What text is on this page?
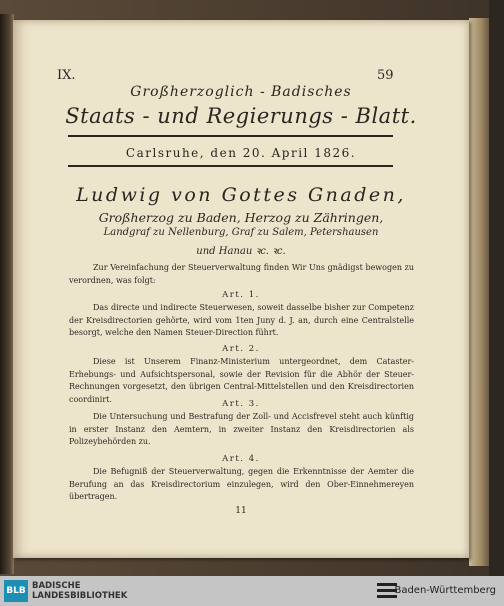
IX.	59
Großherzoglich - Badisches
Staats - und Regierungs - Blatt.
Carlsruhe, den 20. April 1826.
Ludwig von Gottes Gnaden,
Großherzog zu Baden, Herzog zu Zähringen,
Landgraf zu Nellenburg, Graf zu Salem, Petershausen
und Hanau ꝛc. ꝛc.
Zur Vereinfachung der Steuerverwaltung finden Wir Uns gnädigst bewogen zu verordnen, was folgt:
Art. 1.
Das directe und indirecte Steuerwesen, soweit dasselbe bisher zur Competenz der Kreisdirectorien gehörte, wird vom 1ten Juny d. J. an, durch eine Centralstelle besorgt, welche den Namen Steuer-Direction führt.
Art. 2.
Diese ist Unserem Finanz-Ministerium untergeordnet, dem Cataster-Erhebungs- und Aufsichtspersonal, sowie der Revision für die Abhör der Steuer-Rechnungen vorgesetzt, den übrigen Central-Mittelstellen und den Kreisdirectorien coordinirt.	Art. 3.
Die Untersuchung und Bestrafung der Zoll- und Accisfrevel steht auch künftig in erster Instanz den Aemtern, in zweiter Instanz den Kreisdirectorien als Polizeybehörden zu.
Art. 4.
Die Befugniß der Steuerverwaltung, gegen die Erkenntnisse der Aemter die Berufung an das Kreisdirectorium einzulegen, wird den Ober-Einnehmereyen übertragen.
11
BLB BADISCHE
LANDESBIBLIOTHEK	Baden-Württemberg
